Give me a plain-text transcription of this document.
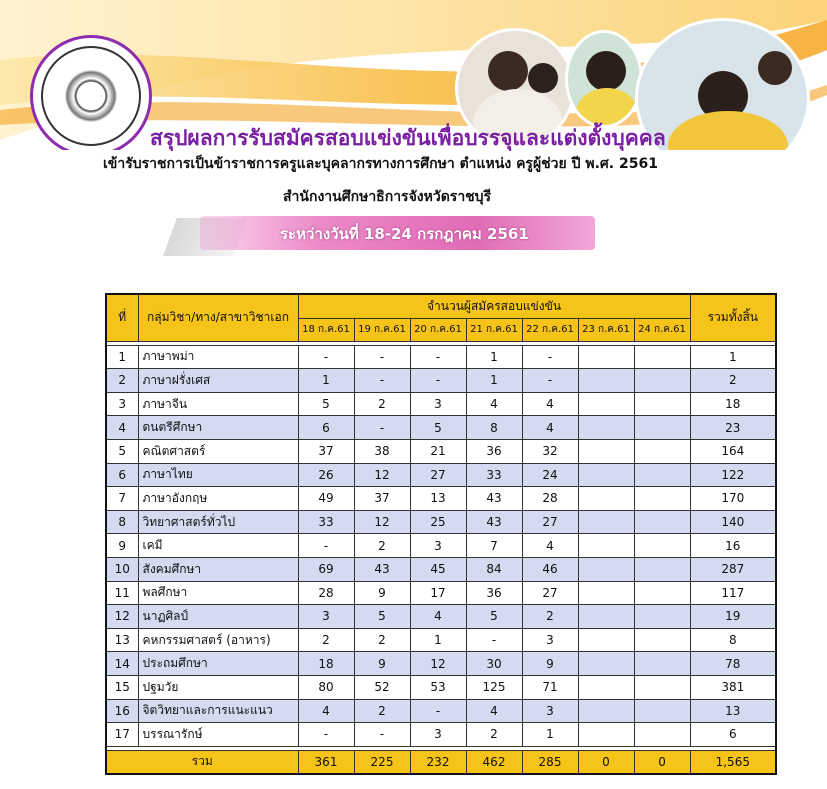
สรุปผลการรับสมัครสอบแข่งขันเพื่อบรรจุและแต่งตั้งบุคคล
เข้ารับราชการเป็นข้าราชการครูและบุคลากรทางการศึกษา ตำแหน่ง ครูผู้ช่วย ปี พ.ศ. 2561
สำนักงานศึกษาธิการจังหวัดราชบุรี
ระหว่างวันที่ 18-24 กรกฎาคม 2561
ที่	กลุ่มวิชา/ทาง/สาขาวิชาเอก	จำนวนผู้สมัครสอบแข่งขัน							รวมทั้งสิ้น
		18 ก.ค.61	19 ก.ค.61	20 ก.ค.61	21 ก.ค.61	22 ก.ค.61	23 ก.ค.61	24 ก.ค.61	

1	ภาษาพม่า	-	-	-	1	-			1
2	ภาษาฝรั่งเศส	1	-	-	1	-			2
3	ภาษาจีน	5	2	3	4	4			18
4	ดนตรีศึกษา	6	-	5	8	4			23
5	คณิตศาสตร์	37	38	21	36	32			164
6	ภาษาไทย	26	12	27	33	24			122
7	ภาษาอังกฤษ	49	37	13	43	28			170
8	วิทยาศาสตร์ทั่วไป	33	12	25	43	27			140
9	เคมี	-	2	3	7	4			16
10	สังคมศึกษา	69	43	45	84	46			287
11	พลศึกษา	28	9	17	36	27			117
12	นาฏศิลป์	3	5	4	5	2			19
13	คหกรรมศาสตร์ (อาหาร)	2	2	1	-	3			8
14	ประถมศึกษา	18	9	12	30	9			78
15	ปฐมวัย	80	52	53	125	71			381
16	จิตวิทยาและการแนะแนว	4	2	-	4	3			13
17	บรรณารักษ์	-	-	3	2	1			6

รวม		361	225	232	462	285	0	0	1,565
